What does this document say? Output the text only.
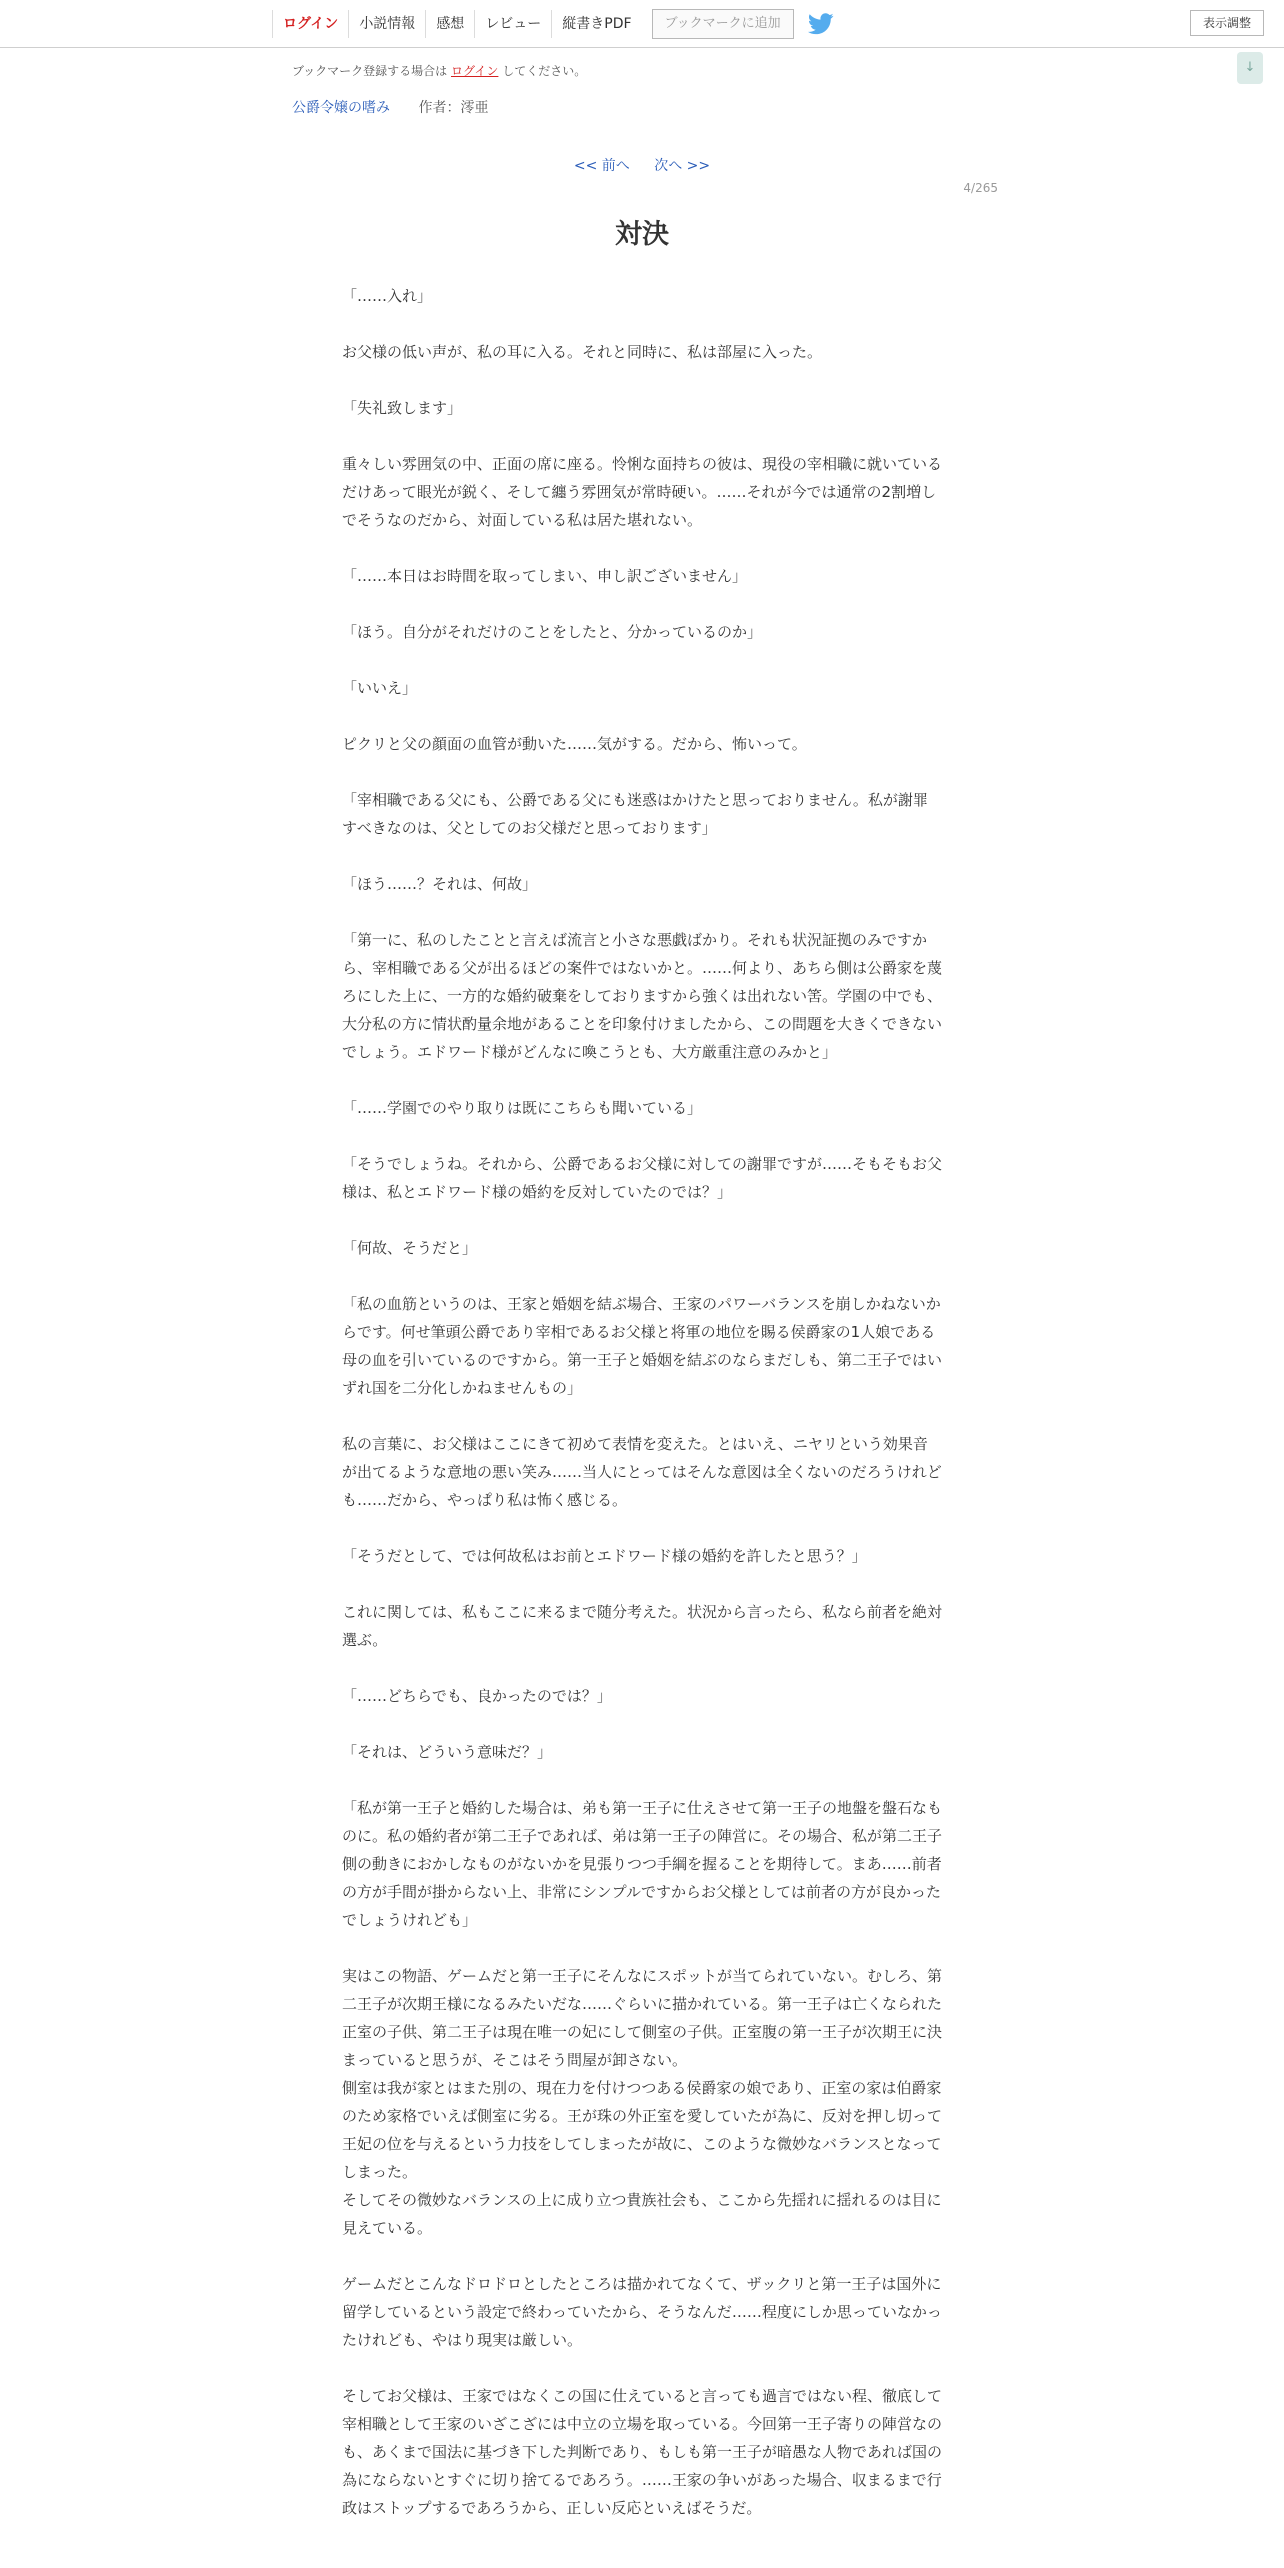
ログイン	小説情報	感想	レビュー	縦書きPDF	ブックマークに追加	表示調整
↓
ブックマーク登録する場合は ログイン してください。
公爵令嬢の嗜み 作者：澪亜
<< 前へ 次へ >>
4/265
対決

「……入れ」

お父様の低い声が、私の耳に入る。それと同時に、私は部屋に入った。

「失礼致します」

重々しい雰囲気の中、正面の席に座る。怜悧な面持ちの彼は、現役の宰相職に就いているだけあって眼光が鋭く、そして纏う雰囲気が常時硬い。……それが今では通常の2割増しでそうなのだから、対面している私は居た堪れない。

「……本日はお時間を取ってしまい、申し訳ございません」

「ほう。自分がそれだけのことをしたと、分かっているのか」

「いいえ」

ピクリと父の顔面の血管が動いた……気がする。だから、怖いって。

「宰相職である父にも、公爵である父にも迷惑はかけたと思っておりません。私が謝罪すべきなのは、父としてのお父様だと思っております」

「ほう……？それは、何故」

「第一に、私のしたことと言えば流言と小さな悪戯ばかり。それも状況証拠のみですから、宰相職である父が出るほどの案件ではないかと。……何より、あちら側は公爵家を蔑ろにした上に、一方的な婚約破棄をしておりますから強くは出れない筈。学園の中でも、大分私の方に情状酌量余地があることを印象付けましたから、この問題を大きくできないでしょう。エドワード様がどんなに喚こうとも、大方厳重注意のみかと」

「……学園でのやり取りは既にこちらも聞いている」

「そうでしょうね。それから、公爵であるお父様に対しての謝罪ですが……そもそもお父様は、私とエドワード様の婚約を反対していたのでは？」

「何故、そうだと」

「私の血筋というのは、王家と婚姻を結ぶ場合、王家のパワーバランスを崩しかねないからです。何せ筆頭公爵であり宰相であるお父様と将軍の地位を賜る侯爵家の1人娘である母の血を引いているのですから。第一王子と婚姻を結ぶのならまだしも、第二王子ではいずれ国を二分化しかねませんもの」

私の言葉に、お父様はここにきて初めて表情を変えた。とはいえ、ニヤリという効果音が出てるような意地の悪い笑み……当人にとってはそんな意図は全くないのだろうけれども……だから、やっぱり私は怖く感じる。

「そうだとして、では何故私はお前とエドワード様の婚約を許したと思う？」

これに関しては、私もここに来るまで随分考えた。状況から言ったら、私なら前者を絶対選ぶ。

「……どちらでも、良かったのでは？」

「それは、どういう意味だ？」

「私が第一王子と婚約した場合は、弟も第一王子に仕えさせて第一王子の地盤を盤石なものに。私の婚約者が第二王子であれば、弟は第一王子の陣営に。その場合、私が第二王子側の動きにおかしなものがないかを見張りつつ手綱を握ることを期待して。まあ……前者の方が手間が掛からない上、非常にシンプルですからお父様としては前者の方が良かったでしょうけれども」

実はこの物語、ゲームだと第一王子にそんなにスポットが当てられていない。むしろ、第二王子が次期王様になるみたいだな……ぐらいに描かれている。第一王子は亡くなられた正室の子供、第二王子は現在唯一の妃にして側室の子供。正室腹の第一王子が次期王に決まっていると思うが、そこはそう問屋が卸さない。

側室は我が家とはまた別の、現在力を付けつつある侯爵家の娘であり、正室の家は伯爵家のため家格でいえば側室に劣る。王が珠の外正室を愛していたが為に、反対を押し切って王妃の位を与えるという力技をしてしまったが故に、このような微妙なバランスとなってしまった。

そしてその微妙なバランスの上に成り立つ貴族社会も、ここから先揺れに揺れるのは目に見えている。

ゲームだとこんなドロドロとしたところは描かれてなくて、ザックリと第一王子は国外に留学しているという設定で終わっていたから、そうなんだ……程度にしか思っていなかったけれども、やはり現実は厳しい。

そしてお父様は、王家ではなくこの国に仕えていると言っても過言ではない程、徹底して宰相職として王家のいざこざには中立の立場を取っている。今回第一王子寄りの陣営なのも、あくまで国法に基づき下した判断であり、もしも第一王子が暗愚な人物であれば国の為にならないとすぐに切り捨てるであろう。……王家の争いがあった場合、収まるまで行政はストップするであろうから、正しい反応といえばそうだ。
